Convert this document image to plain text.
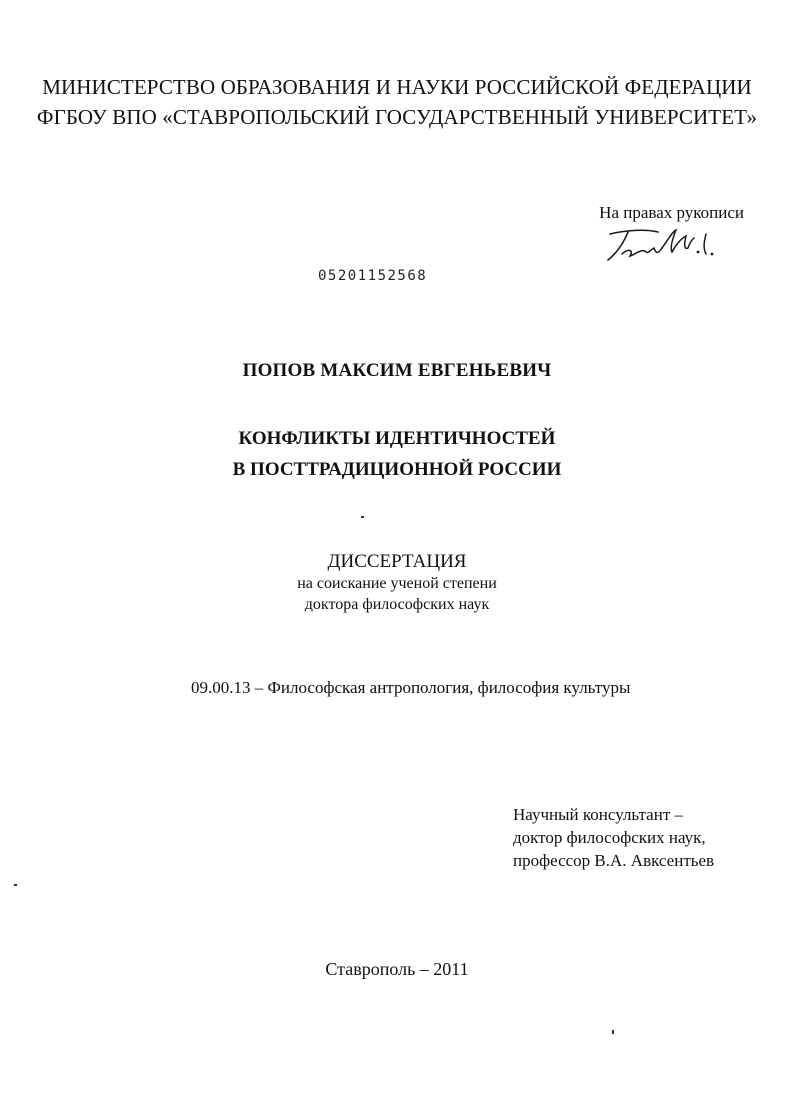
МИНИСТЕРСТВО ОБРАЗОВАНИЯ И НАУКИ РОССИЙСКОЙ ФЕДЕРАЦИИ
ФГБОУ ВПО «СТАВРОПОЛЬСКИЙ ГОСУДАРСТВЕННЫЙ УНИВЕРСИТЕТ»
На правах рукописи
05201152568
ПОПОВ МАКСИМ ЕВГЕНЬЕВИЧ
КОНФЛИКТЫ ИДЕНТИЧНОСТЕЙ
В ПОСТТРАДИЦИОННОЙ РОССИИ
ДИССЕРТАЦИЯ
на соискание ученой степени
доктора философских наук
09.00.13 – Философская антропология, философия культуры
Научный консультант –
доктор философских наук,
профессор В.А. Авксентьев
Ставрополь – 2011
